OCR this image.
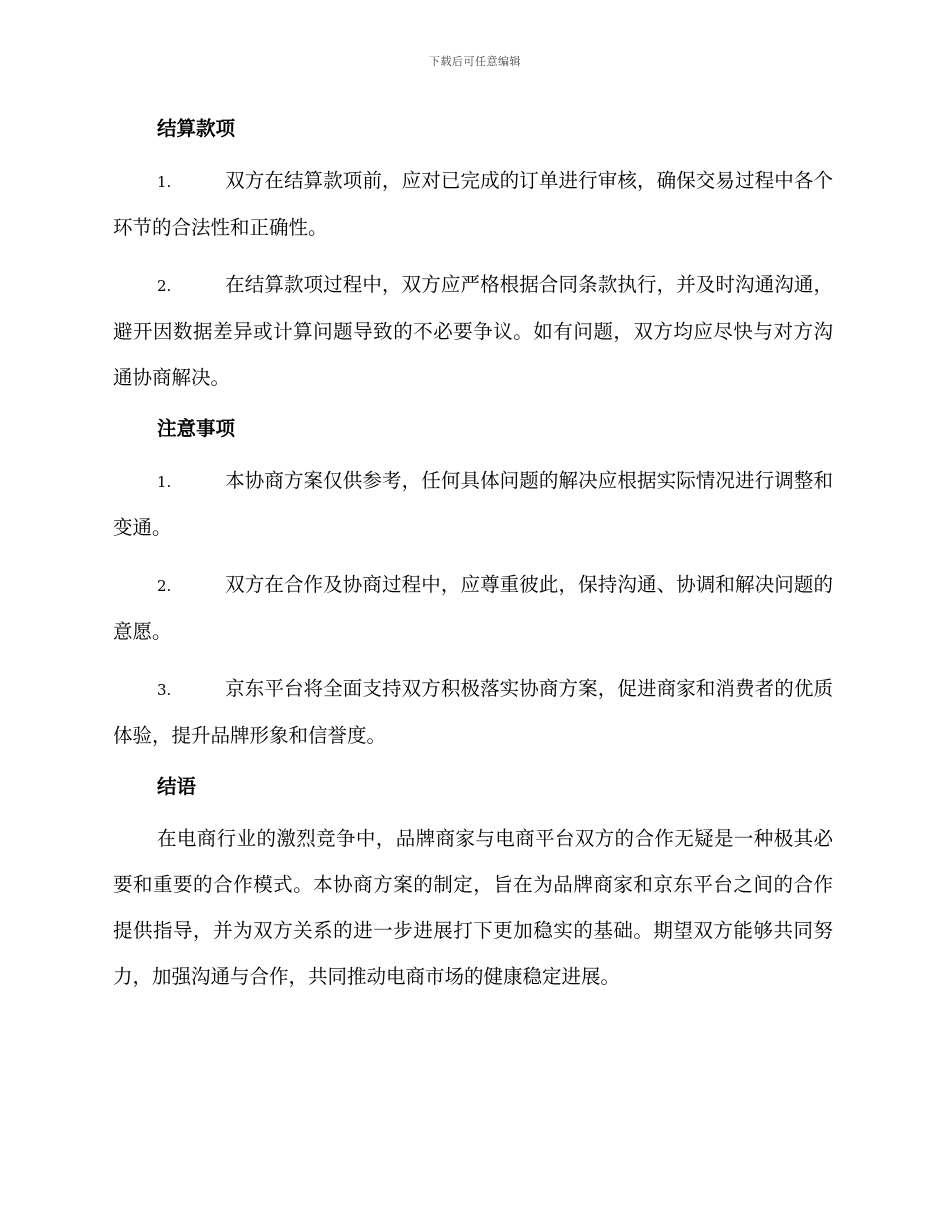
下载后可任意编辑
结算款项

1.	双方在结算款项前，应对已完成的订单进行审核，确保交易过程中各个环节的合法性和正确性。

2.	在结算款项过程中，双方应严格根据合同条款执行，并及时沟通沟通，避开因数据差异或计算问题导致的不必要争议。如有问题，双方均应尽快与对方沟通协商解决。

注意事项

1.	本协商方案仅供参考，任何具体问题的解决应根据实际情况进行调整和变通。

2.	双方在合作及协商过程中，应尊重彼此，保持沟通、协调和解决问题的意愿。

3.	京东平台将全面支持双方积极落实协商方案，促进商家和消费者的优质体验，提升品牌形象和信誉度。

结语

在电商行业的激烈竞争中，品牌商家与电商平台双方的合作无疑是一种极其必要和重要的合作模式。本协商方案的制定，旨在为品牌商家和京东平台之间的合作提供指导，并为双方关系的进一步进展打下更加稳实的基础。期望双方能够共同努力，加强沟通与合作，共同推动电商市场的健康稳定进展。
